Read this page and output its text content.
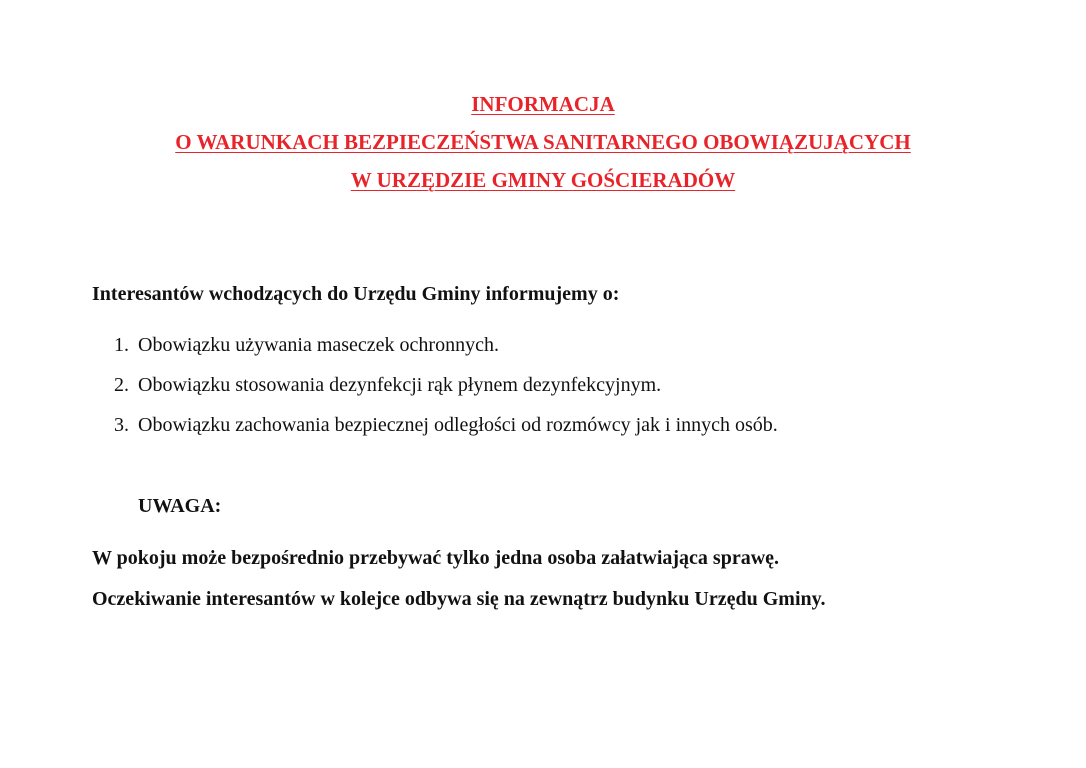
INFORMACJA
O WARUNKACH BEZPIECZEŃSTWA SANITARNEGO OBOWIĄZUJĄCYCH
W URZĘDZIE GMINY GOŚCIERADÓW
Interesantów wchodzących do Urzędu Gminy informujemy o:
1. Obowiązku używania maseczek ochronnych.
2. Obowiązku stosowania dezynfekcji rąk płynem dezynfekcyjnym.
3. Obowiązku zachowania bezpiecznej odległości od rozmówcy jak i innych osób.
UWAGA:
W pokoju może bezpośrednio przebywać tylko jedna osoba załatwiająca sprawę.
Oczekiwanie interesantów w kolejce odbywa się na zewnątrz budynku Urzędu Gminy.
